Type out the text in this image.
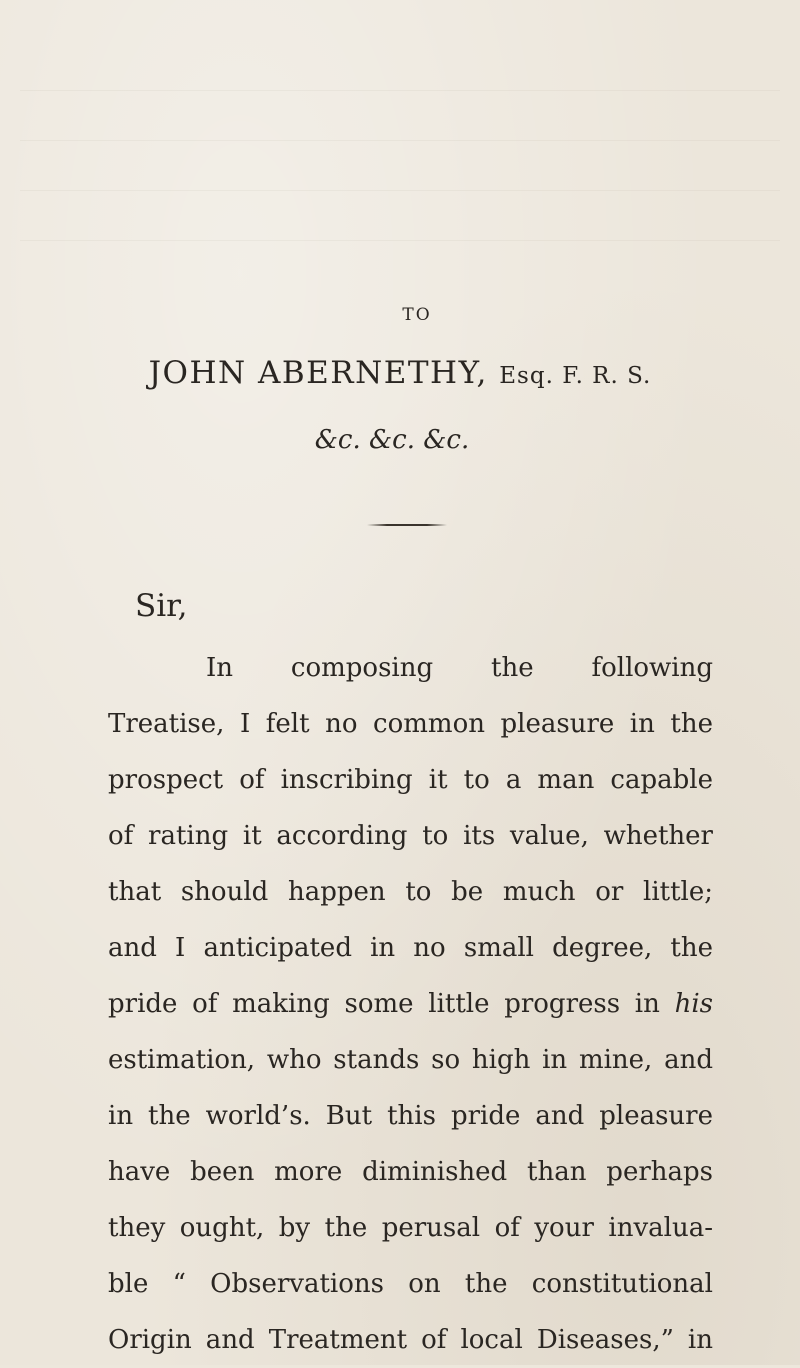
TO
JOHN ABERNETHY, Esq. F. R. S.
&c. &c. &c.
Sir,
In composing the following
Treatise, I felt no common pleasure in the
prospect of inscribing it to a man capable
of rating it according to its value, whether
that should happen to be much or little;
and I anticipated in no small degree, the
pride of making some little progress in his
estimation, who stands so high in mine, and
in the world’s. But this pride and pleasure
have been more diminished than perhaps
they ought, by the perusal of your invalua-
ble “ Observations on the constitutional
Origin and Treatment of local Diseases,” in
